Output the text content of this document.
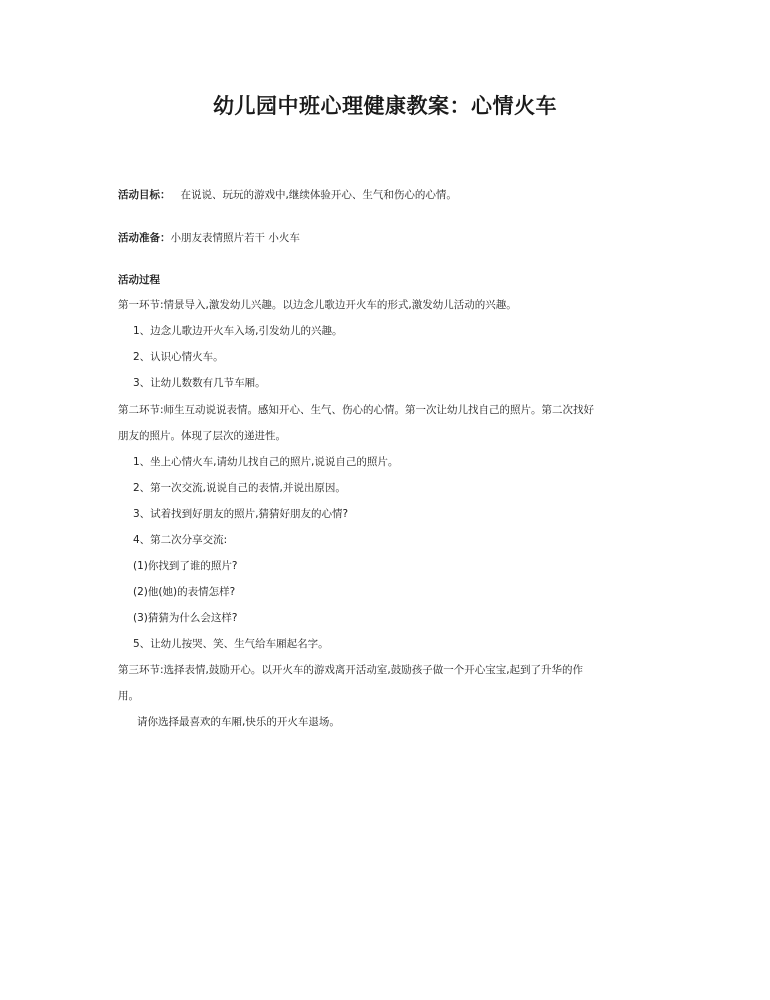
幼儿园中班心理健康教案：心情火车
活动目标： 在说说、玩玩的游戏中,继续体验开心、生气和伤心的心情。
活动准备：小朋友表情照片若干 小火车
活动过程
第一环节:情景导入,激发幼儿兴趣。以边念儿歌边开火车的形式,激发幼儿活动的兴趣。
1、边念儿歌边开火车入场,引发幼儿的兴趣。
2、认识心情火车。
3、让幼儿数数有几节车厢。
第二环节:师生互动说说表情。感知开心、生气、伤心的心情。第一次让幼儿找自己的照片。第二次找好
朋友的照片。体现了层次的递进性。
1、坐上心情火车,请幼儿找自己的照片,说说自己的照片。
2、第一次交流,说说自己的表情,并说出原因。
3、试着找到好朋友的照片,猜猜好朋友的心情?
4、第二次分享交流:
(1)你找到了谁的照片?
(2)他(她)的表情怎样?
(3)猜猜为什么会这样?
5、让幼儿按哭、笑、生气给车厢起名字。
第三环节:选择表情,鼓励开心。以开火车的游戏离开活动室,鼓励孩子做一个开心宝宝,起到了升华的作
用。
请你选择最喜欢的车厢,快乐的开火车退场。
